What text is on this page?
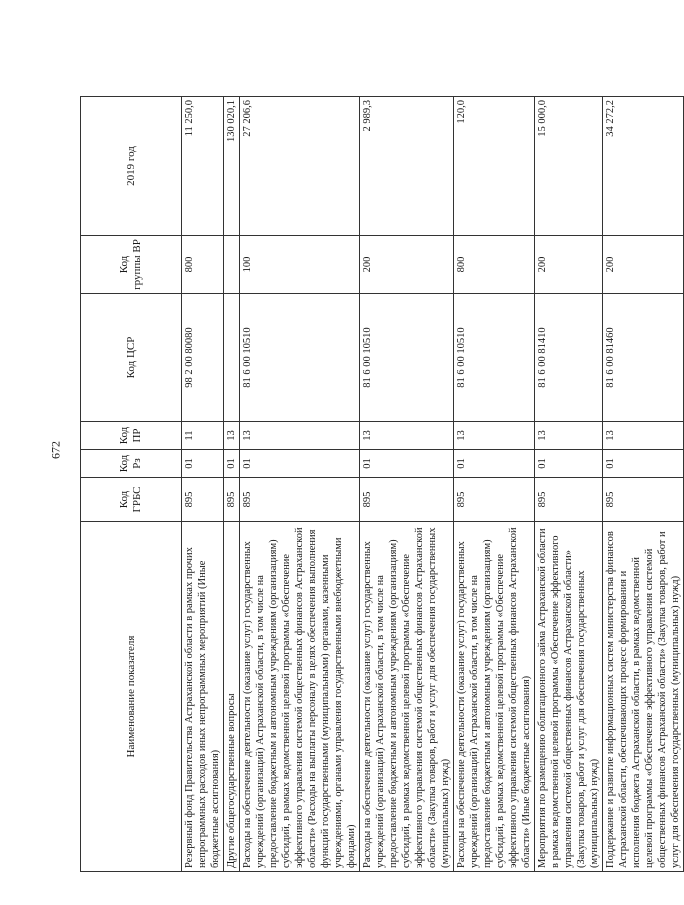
672
Наименование показателя	Код ГРБС	Код Рз	Код ПР	Код ЦСР	Код группы ВР	2019 год
Резервный фонд Правительства Астраханской области в рамках прочих непрограммных расходов иных непрограммных мероприятий (Иные бюджетные ассигнования)	895	01	11	98 2 00 80080	800	11 250,0
Другие общегосударственные вопросы	895	01	13			130 020,1
Расходы на обеспечение деятельности (оказание услуг) государственных учреждений (организаций) Астраханской области, в том числе на предоставление бюджетным и автономным учреждениям (организациям) субсидий, в рамках ведомственной целевой программы «Обеспечение эффективного управления системой общественных финансов Астраханской области» (Расходы на выплаты персоналу в целях обеспечения выполнения функций государственными (муниципальными) органами, казенными учреждениями, органами управления государственными внебюджетными фондами)	895	01	13	81 6 00 10510	100	27 206,6
Расходы на обеспечение деятельности (оказание услуг) государственных учреждений (организаций) Астраханской области, в том числе на предоставление бюджетным и автономным учреждениям (организациям) субсидий, в рамках ведомственной целевой программы «Обеспечение эффективного управления системой общественных финансов Астраханской области» (Закупка товаров, работ и услуг для обеспечения государственных (муниципальных) нужд)	895	01	13	81 6 00 10510	200	2 989,3
Расходы на обеспечение деятельности (оказание услуг) государственных учреждений (организаций) Астраханской области, в том числе на предоставление бюджетным и автономным учреждениям (организациям) субсидий, в рамках ведомственной целевой программы «Обеспечение эффективного управления системой общественных финансов Астраханской области» (Иные бюджетные ассигнования)	895	01	13	81 6 00 10510	800	120,0
Мероприятия по размещению облигационного займа Астраханской области в рамках ведомственной целевой программы «Обеспечение эффективного управления системой общественных финансов Астраханской области» (Закупка товаров, работ и услуг для обеспечения государственных (муниципальных) нужд)	895	01	13	81 6 00 81410	200	15 000,0
Поддержание и развитие информационных систем министерства финансов Астраханской области, обеспечивающих процесс формирования и исполнения бюджета Астраханской области, в рамках ведомственной целевой программы «Обеспечение эффективного управления системой общественных финансов Астраханской области» (Закупка товаров, работ и услуг для обеспечения государственных (муниципальных) нужд)	895	01	13	81 6 00 81460	200	34 272,2
